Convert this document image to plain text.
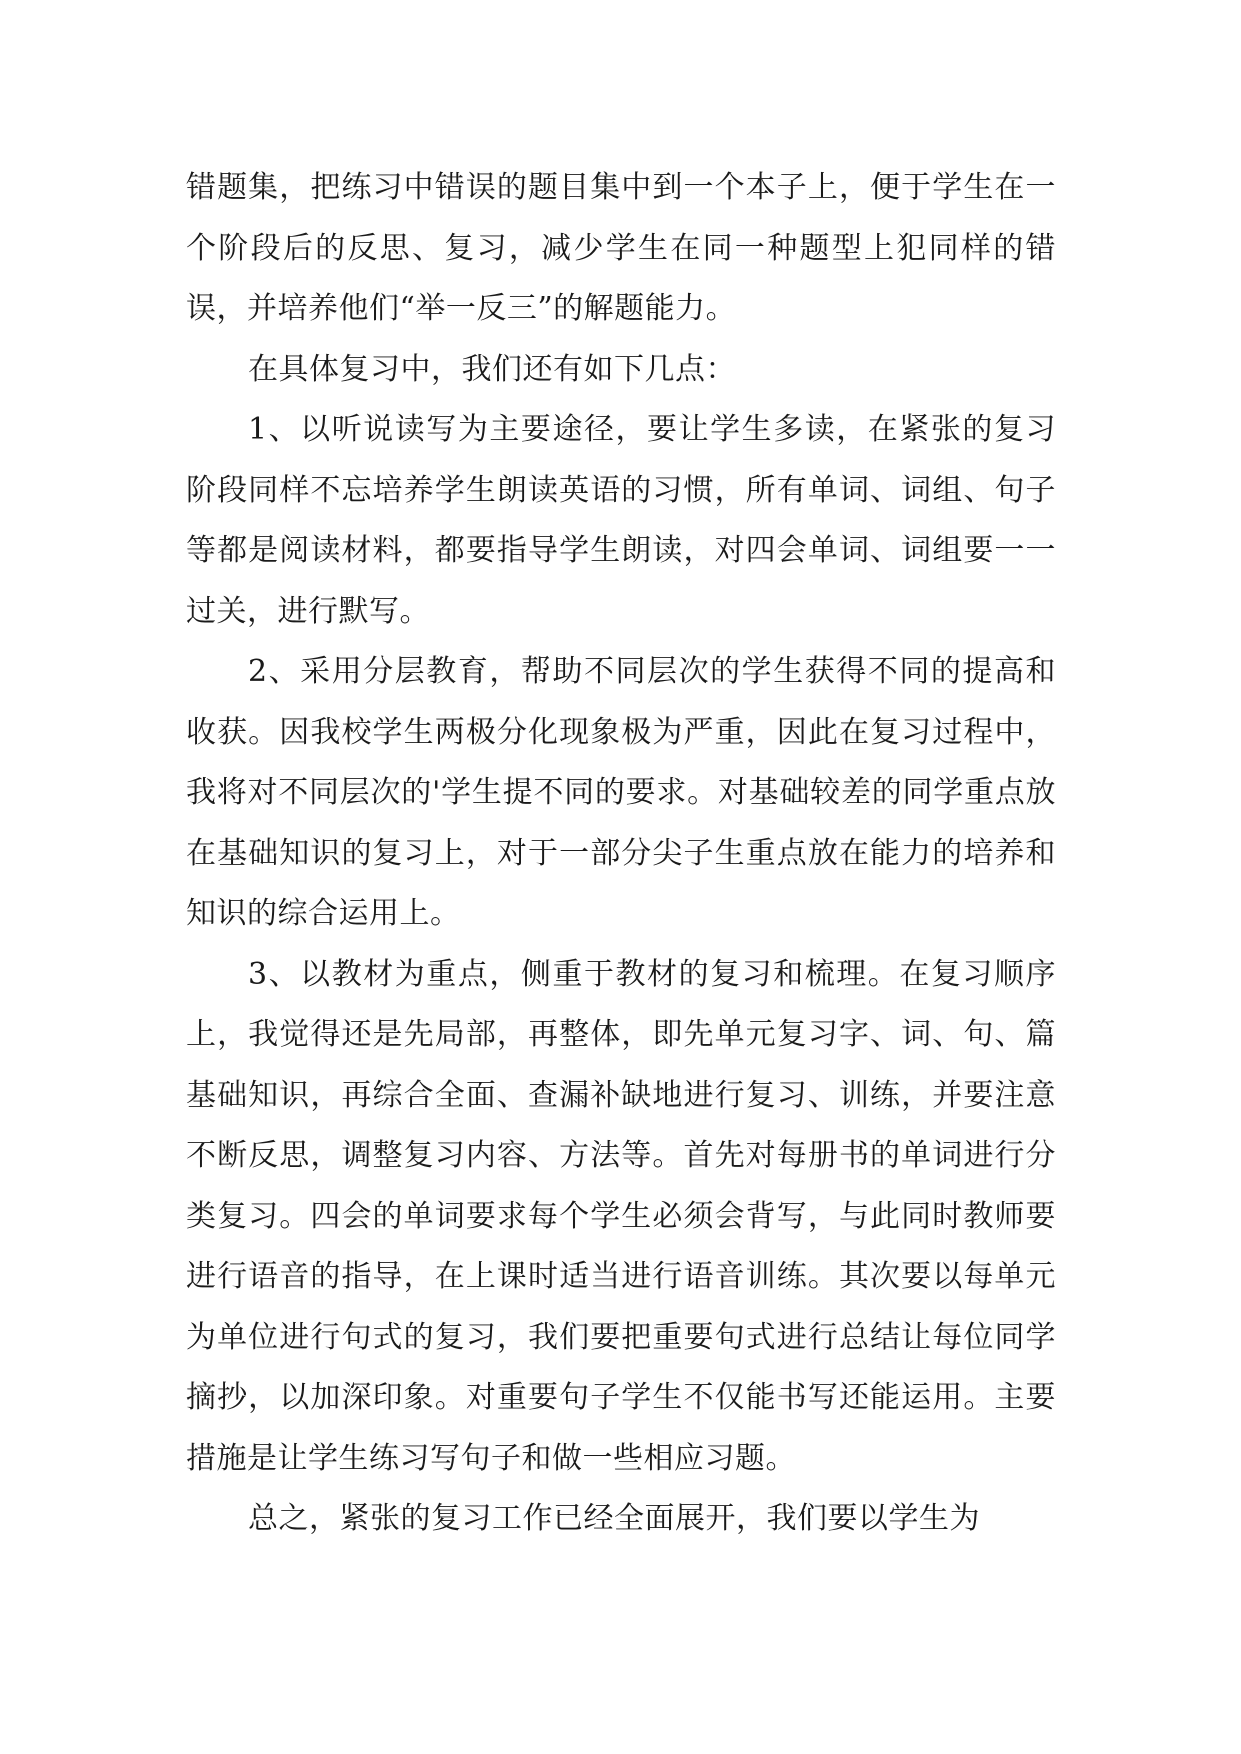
错题集，把练习中错误的题目集中到一个本子上，便于学生在一个阶段后的反思、复习，减少学生在同一种题型上犯同样的错误，并培养他们“举一反三”的解题能力。

在具体复习中，我们还有如下几点：

1、以听说读写为主要途径，要让学生多读，在紧张的复习阶段同样不忘培养学生朗读英语的习惯，所有单词、词组、句子等都是阅读材料，都要指导学生朗读，对四会单词、词组要一一过关，进行默写。

2、采用分层教育，帮助不同层次的学生获得不同的提高和收获。因我校学生两极分化现象极为严重，因此在复习过程中，我将对不同层次的'学生提不同的要求。对基础较差的同学重点放在基础知识的复习上，对于一部分尖子生重点放在能力的培养和知识的综合运用上。

3、以教材为重点，侧重于教材的复习和梳理。在复习顺序上，我觉得还是先局部，再整体，即先单元复习字、词、句、篇基础知识，再综合全面、查漏补缺地进行复习、训练，并要注意不断反思，调整复习内容、方法等。首先对每册书的单词进行分类复习。四会的单词要求每个学生必须会背写，与此同时教师要进行语音的指导，在上课时适当进行语音训练。其次要以每单元为单位进行句式的复习，我们要把重要句式进行总结让每位同学摘抄，以加深印象。对重要句子学生不仅能书写还能运用。主要措施是让学生练习写句子和做一些相应习题。

总之，紧张的复习工作已经全面展开，我们要以学生为
